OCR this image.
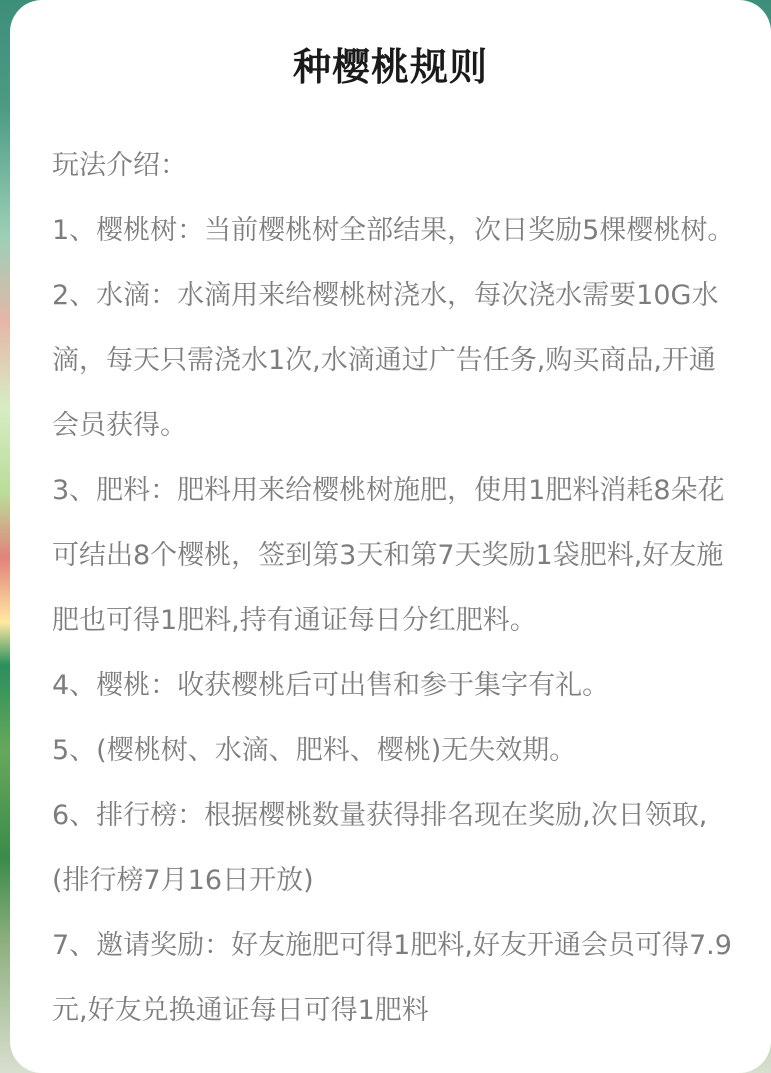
种樱桃规则

玩法介绍：

1、樱桃树：当前樱桃树全部结果，次日奖励5棵樱桃树。

2、水滴：水滴用来给樱桃树浇水，每次浇水需要10G水滴，每天只需浇水1次,水滴通过广告任务,购买商品,开通会员获得。

3、肥料：肥料用来给樱桃树施肥，使用1肥料消耗8朵花可结出8个樱桃，签到第3天和第7天奖励1袋肥料,好友施肥也可得1肥料,持有通证每日分红肥料。

4、樱桃：收获樱桃后可出售和参于集字有礼。

5、(樱桃树、水滴、肥料、樱桃)无失效期。

6、排行榜：根据樱桃数量获得排名现在奖励,次日领取,(排行榜7月16日开放)

7、邀请奖励：好友施肥可得1肥料,好友开通会员可得7.9元,好友兑换通证每日可得1肥料
